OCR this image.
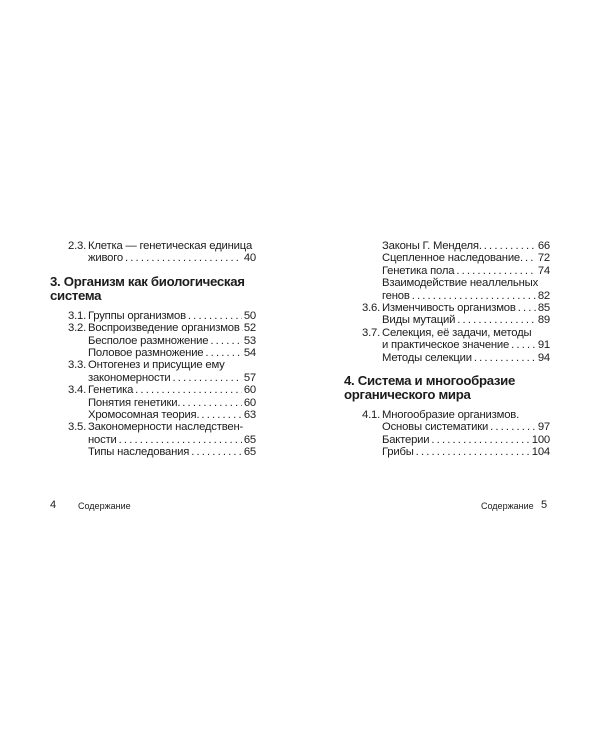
2.3. Клетка — генетическая единица
живого . . .	40
3. Организм как биологическая
система
3.1. Группы организмов . . .	50
3.2. Воспроизведение организмов . . . 52
Бесполое размножение . . .	53
Половое размножение . . .	54
3.3. Онтогенез и присущие ему
закономерности . . .	57
3.4. Генетика . . .	60
Понятия генетики. . . .	60
Хромосомная теория. . . .	63
3.5. Закономерности наследствен-
ности . . .	65
Типы наследования . . .	65
Законы Г. Менделя. . . .	66
Сцепленное наследование. . . . 72
Генетика пола . . .	74
Взаимодействие неаллельных
генов . . .	82
3.6. Изменчивость организмов . . . 85
Виды мутаций . . .	89
3.7. Селекция, её задачи, методы
и практическое значение . . .	91
Методы селекции . . .	94
4. Система и многообразие
органического мира
4.1. Многообразие организмов.
Основы систематики . . .	97
Бактерии . . .	100
Грибы . . .	104
4 Содержание	Содержание 5
